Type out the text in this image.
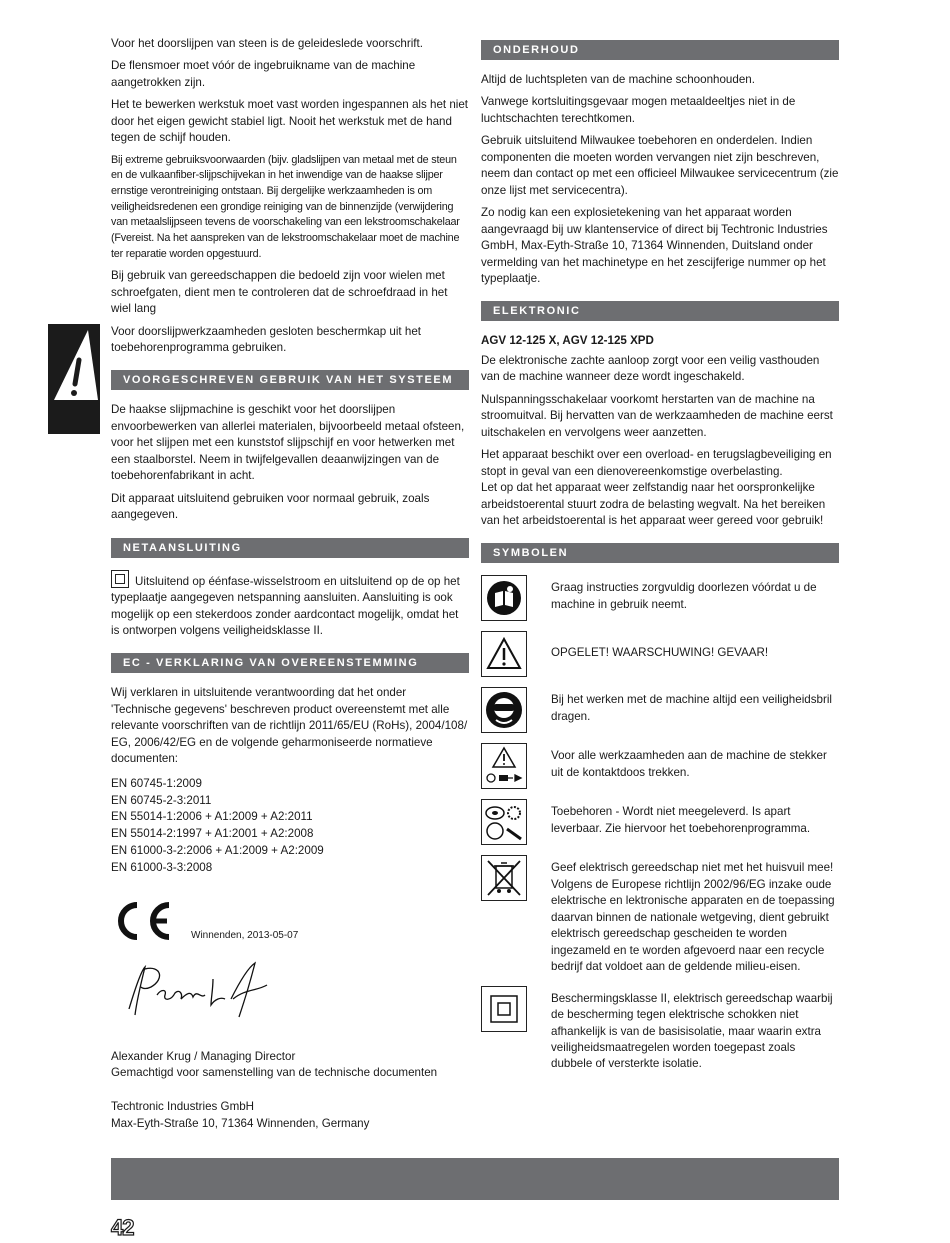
Voor het doorslijpen van steen is de geleideslede voorschrift.

De flensmoer moet vóór de ingebruikname van de machine aangetrokken zijn.

Het te bewerken werkstuk moet vast worden ingespannen als het niet door het eigen gewicht stabiel ligt. Nooit het werkstuk met de hand tegen de schijf houden.

Bij extreme gebruiksvoorwaarden (bijv. gladslijpen van metaal met de steun en de vulkaanfiber-slijpschijvekan in het inwendige van de haakse slijper ernstige verontreiniging ontstaan. Bij dergelijke werkzaamheden is om veiligheidsredenen een grondige reiniging van de binnenzijde (verwijdering van metaalslijpseen tevens de voorschakeling van een lekstroomschakelaar (Fvereist. Na het aanspreken van de lekstroomschakelaar moet de machine ter reparatie worden opgestuurd.

Bij gebruik van gereedschappen die bedoeld zijn voor wielen met schroefgaten, dient men te controleren dat de schroefdraad in het wiel lang

Voor doorslijpwerkzaamheden gesloten beschermkap uit het toebehorenprogramma gebruiken.

VOORGESCHREVEN GEBRUIK VAN HET SYSTEEM

De haakse slijpmachine is geschikt voor het doorslijpen envoorbewerken van allerlei materialen, bijvoorbeeld metaal ofsteen, voor het slijpen met een kunststof slijpschijf en voor hetwerken met een staalborstel. Neem in twijfelgevallen deaanwijzingen van de toebehorenfabrikant in acht.

Dit apparaat uitsluitend gebruiken voor normaal gebruik, zoals aangegeven.

NETAANSLUITING

Uitsluitend op éénfase-wisselstroom en uitsluitend op de op het typeplaatje aangegeven netspanning aansluiten. Aansluiting is ook mogelijk op een stekerdoos zonder aardcontact mogelijk, omdat het is ontworpen volgens veiligheidsklasse II.

EC - VERKLARING VAN OVEREENSTEMMING

Wij verklaren in uitsluitende verantwoording dat het onder 'Technische gegevens' beschreven product overeenstemt met alle relevante voorschriften van de richtlijn 2011/65/EU (RoHs), 2004/108/ EG, 2006/42/EG en de volgende geharmoniseerde normatieve documenten:

EN 60745-1:2009
EN 60745-2-3:2011
EN 55014-1:2006 + A1:2009 + A2:2011
EN 55014-2:1997 + A1:2001 + A2:2008
EN 61000-3-2:2006 + A1:2009 + A2:2009
EN 61000-3-3:2008
Winnenden, 2013-05-07
Alexander Krug / Managing Director
Gemachtigd voor samenstelling van de technische documenten
Techtronic Industries GmbH
Max-Eyth-Straße 10, 71364 Winnenden, Germany
ONDERHOUD

Altijd de luchtspleten van de machine schoonhouden.

Vanwege kortsluitingsgevaar mogen metaaldeeltjes niet in de luchtschachten terechtkomen.

Gebruik uitsluitend Milwaukee toebehoren en onderdelen. Indien componenten die moeten worden vervangen niet zijn beschreven, neem dan contact op met een officieel Milwaukee servicecentrum (zie onze lijst met servicecentra).

Zo nodig kan een explosietekening van het apparaat worden aangevraagd bij uw klantenservice of direct bij Techtronic Industries GmbH, Max-Eyth-Straße 10, 71364 Winnenden, Duitsland onder vermelding van het machinetype en het zescijferige nummer op het typeplaatje.

ELEKTRONIC

AGV 12-125 X, AGV 12-125 XPD

De elektronische zachte aanloop zorgt voor een veilig vasthouden van de machine wanneer deze wordt ingeschakeld.

Nulspanningsschakelaar voorkomt herstarten van de machine na stroomuitval. Bij hervatten van de werkzaamheden de machine eerst uitschakelen en vervolgens weer aanzetten.

Het apparaat beschikt over een overload- en terugslagbeveiliging en stopt in geval van een dienovereenkomstige overbelasting.

Let op dat het apparaat weer zelfstandig naar het oorspronkelijke arbeidstoerental stuurt zodra de belasting wegvalt. Na het bereiken van het arbeidstoerental is het apparaat weer gereed voor gebruik!

SYMBOLEN
Graag instructies zorgvuldig doorlezen vóórdat u de machine in gebruik neemt.
OPGELET! WAARSCHUWING! GEVAAR!
Bij het werken met de machine altijd een veiligheidsbril dragen.
Voor alle werkzaamheden aan de machine de stekker uit de kontaktdoos trekken.
Toebehoren - Wordt niet meegeleverd. Is apart leverbaar. Zie hiervoor het toebehorenprogramma.
Geef elektrisch gereedschap niet met het huisvuil mee! Volgens de Europese richtlijn 2002/96/EG inzake oude elektrische en lektronische apparaten en de toepassing daarvan binnen de nationale wetgeving, dient gebruikt elektrisch gereedschap gescheiden te worden ingezameld en te worden afgevoerd naar een recycle bedrijf dat voldoet aan de geldende milieu-eisen.
Beschermingsklasse II, elektrisch gereedschap waarbij de bescherming tegen elektrische schokken niet afhankelijk is van de basisisolatie, maar waarin extra veiligheidsmaatregelen worden toegepast zoals dubbele of versterkte isolatie.
42
